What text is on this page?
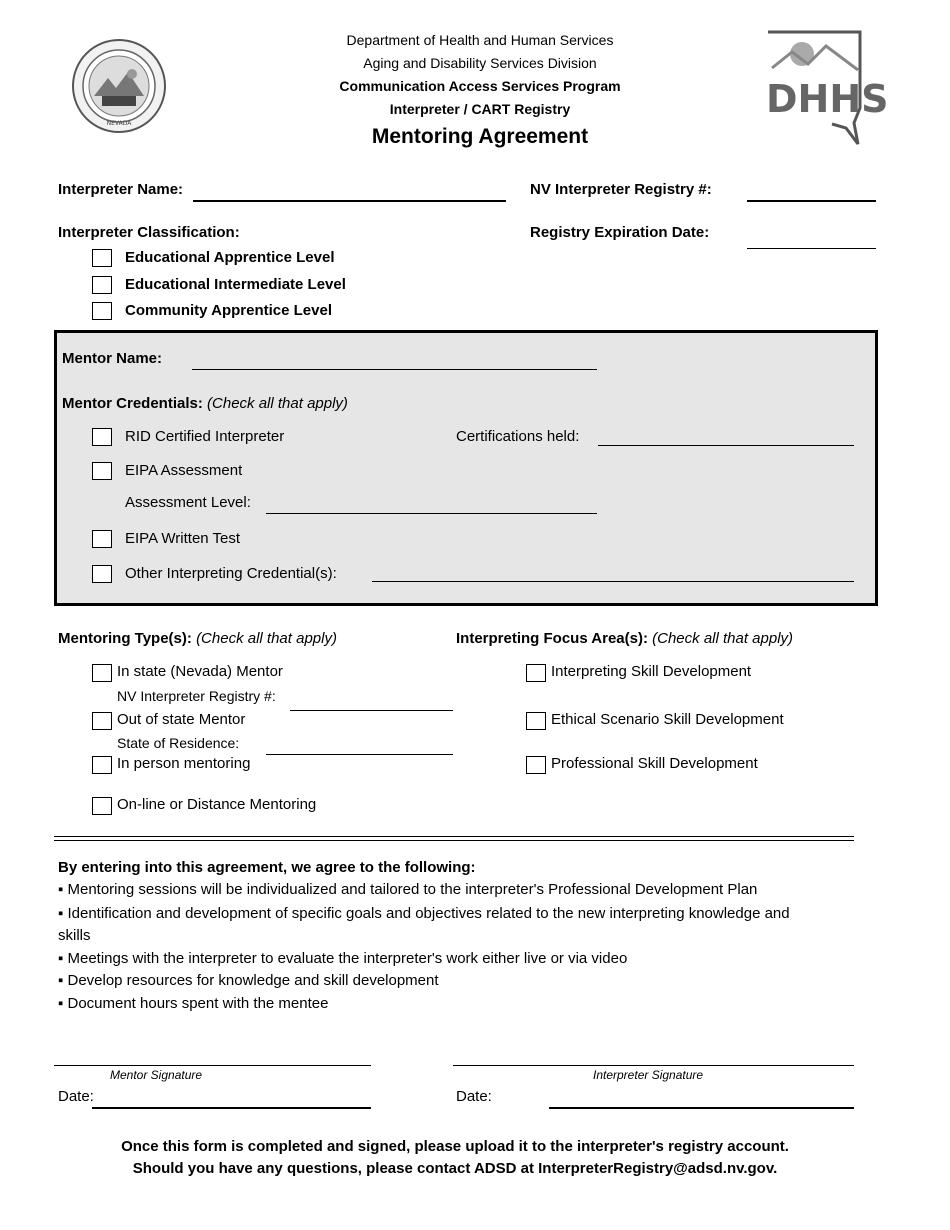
NEVADA
Department of Health and Human Services
Aging and Disability Services Division
Communication Access Services Program
Interpreter / CART Registry
Mentoring Agreement
DHHS
Interpreter Name:	NV Interpreter Registry #:
Interpreter Classification:	Registry Expiration Date:
Educational Apprentice Level
Educational Intermediate Level
Community Apprentice Level
Mentor Name:
Mentor Credentials: (Check all that apply)
RID Certified Interpreter	Certifications held:
EIPA Assessment
Assessment Level:
EIPA Written Test
Other Interpreting Credential(s):
Mentoring Type(s): (Check all that apply)	Interpreting Focus Area(s): (Check all that apply)
In state (Nevada) Mentor
NV Interpreter Registry #:
Out of state Mentor
State of Residence:
In person mentoring
On-line or Distance Mentoring
Interpreting Skill Development
Ethical Scenario Skill Development
Professional Skill Development
By entering into this agreement, we agree to the following:
▪ Mentoring sessions will be individualized and tailored to the interpreter's Professional Development Plan
▪ Identification and development of specific goals and objectives related to the new interpreting knowledge and
skills
▪ Meetings with the interpreter to evaluate the interpreter's work either live or via video
▪ Develop resources for knowledge and skill development
▪ Document hours spent with the mentee
Mentor Signature
Date:
Interpreter Signature
Date:
Once this form is completed and signed, please upload it to the interpreter's registry account.
Should you have any questions, please contact ADSD at InterpreterRegistry@adsd.nv.gov.
